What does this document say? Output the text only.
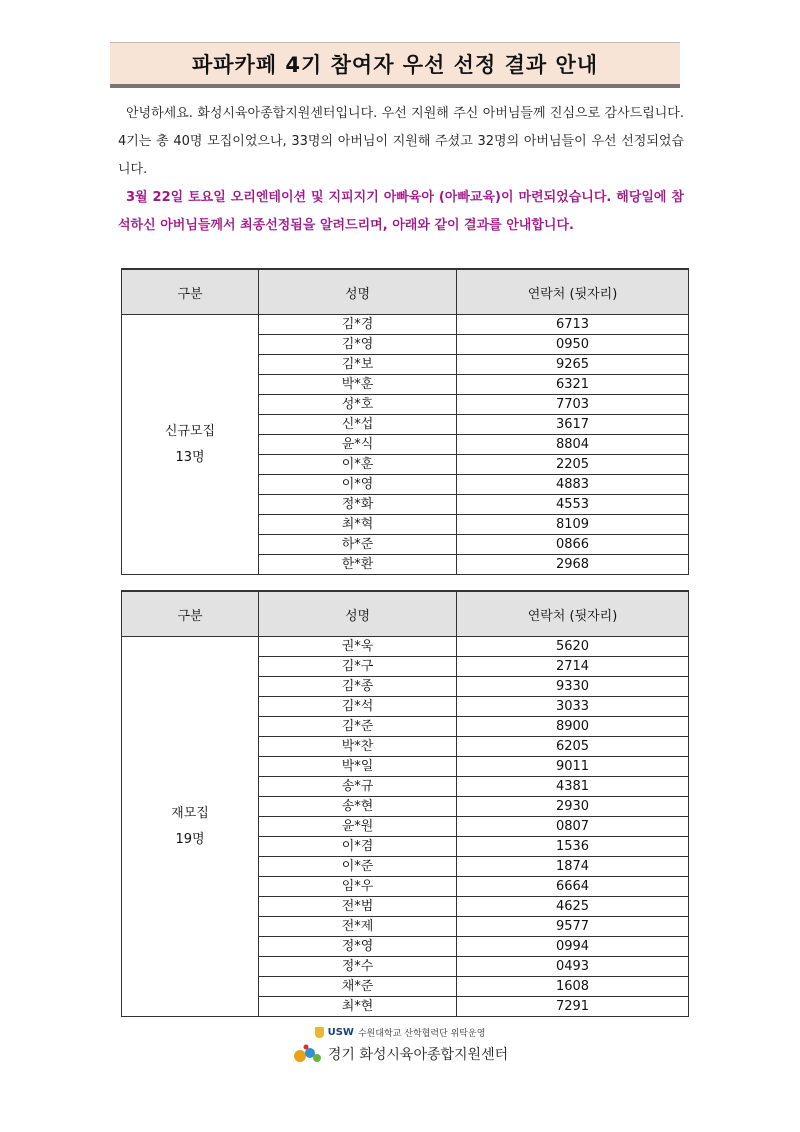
파파카페 4기 참여자 우선 선정 결과 안내

안녕하세요. 화성시육아종합지원센터입니다. 우선 지원해 주신 아버님들께 진심으로 감사드립니다. 4기는 총 40명 모집이었으나, 33명의 아버님이 지원해 주셨고 32명의 아버님들이 우선 선정되었습니다.

3월 22일 토요일 오리엔테이션 및 지피지기 아빠육아 (아빠교육)이 마련되었습니다. 해당일에 참석하신 아버님들께서 최종선정됨을 알려드리며, 아래와 같이 결과를 안내합니다.

구분	성명	연락처 (뒷자리)

신규모집
13명	김*경	6713
	김*영	0950
	김*보	9265
	박*훈	6321
	성*호	7703
	신*섭	3617
	윤*식	8804
	이*훈	2205
	이*영	4883
	정*화	4553
	최*혁	8109
	하*준	0866
	한*환	2968
구분	성명	연락처 (뒷자리)

재모집
19명	권*욱	5620
	김*구	2714
	김*종	9330
	김*석	3033
	김*준	8900
	박*찬	6205
	박*일	9011
	송*규	4381
	송*현	2930
	윤*원	0807
	이*겸	1536
	이*준	1874
	임*우	6664
	전*범	4625
	전*제	9577
	정*영	0994
	정*수	0493
	채*준	1608
	최*현	7291
USW 수원대학교 산학협력단 위탁운영
경기 화성시육아종합지원센터
